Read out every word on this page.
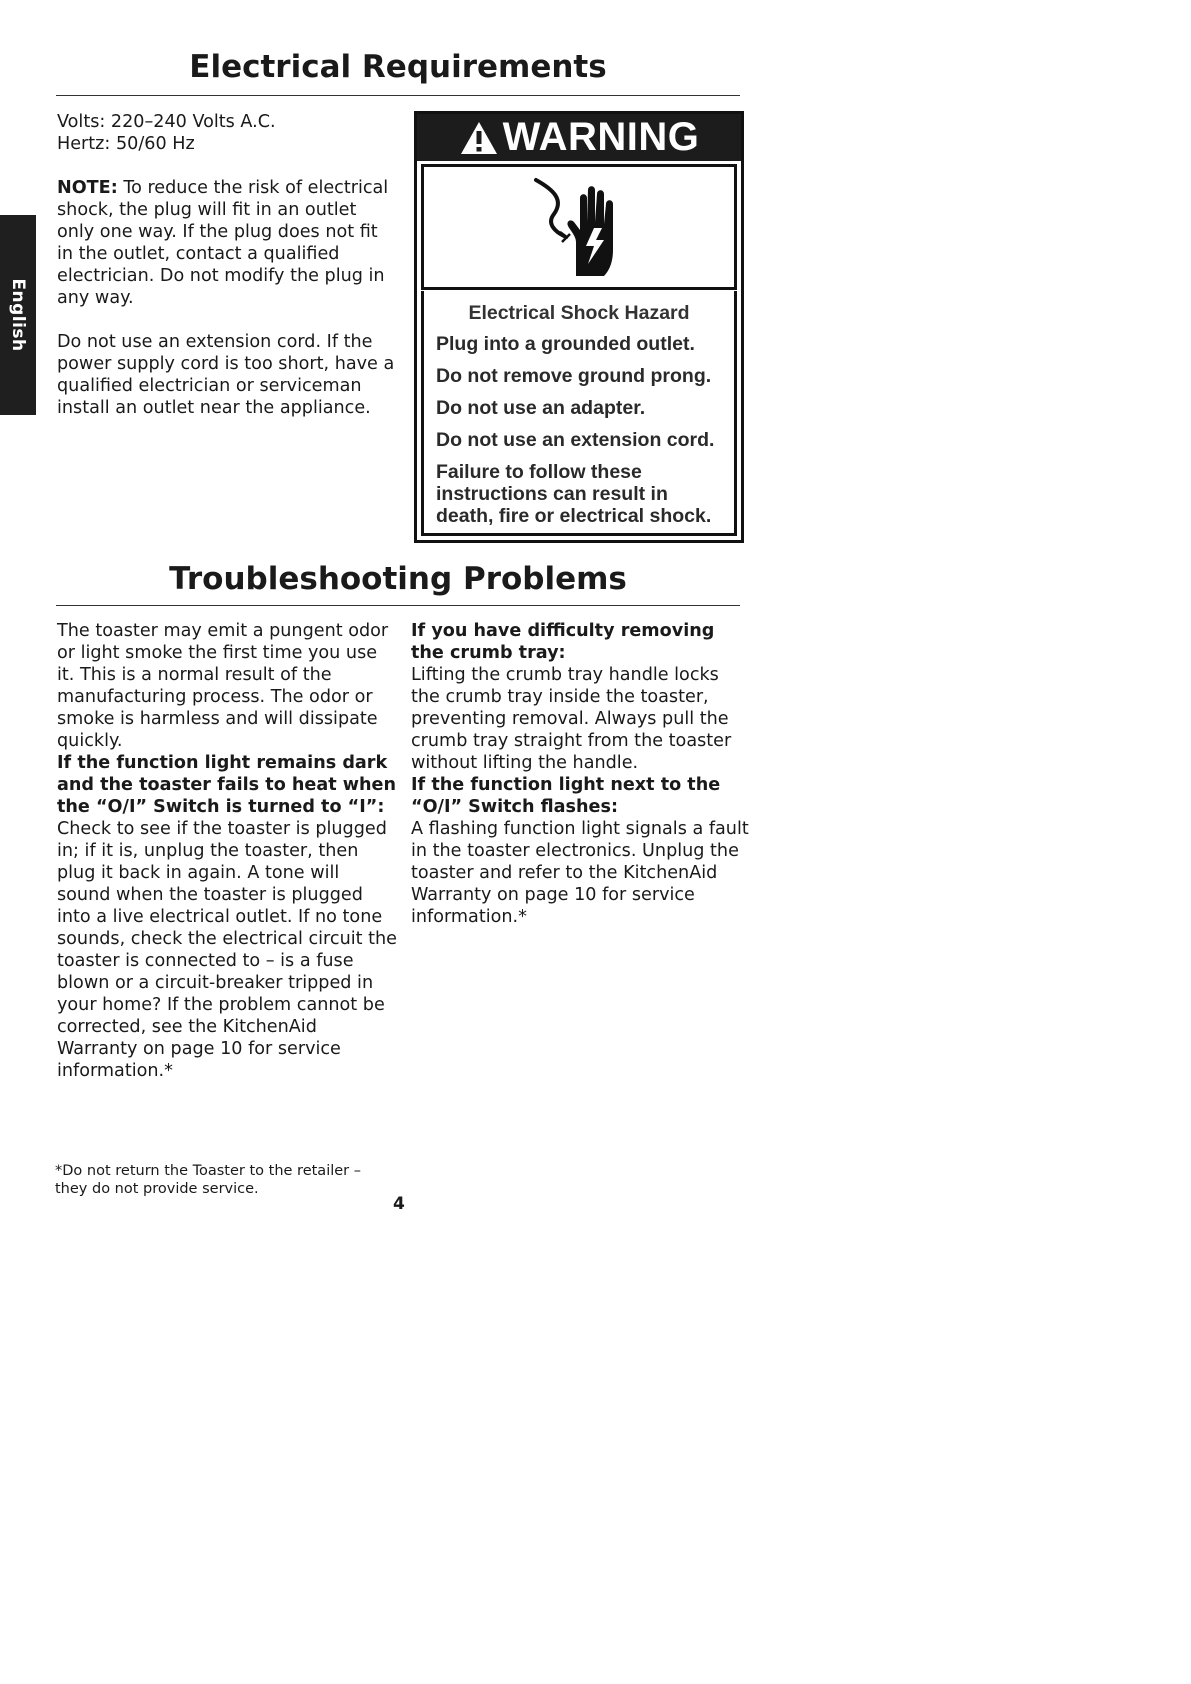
English
Electrical Requirements

Volts: 220–240 Volts A.C.

Hertz: 50/60 Hz

NOTE: To reduce the risk of electrical shock, the plug will fit in an outlet only one way. If the plug does not fit in the outlet, contact a qualified electrician. Do not modify the plug in any way.

Do not use an extension cord. If the power supply cord is too short, have a qualified electrician or serviceman install an outlet near the appliance.

WARNING
Electrical Shock Hazard
Plug into a grounded outlet.
Do not remove ground prong.
Do not use an adapter.
Do not use an extension cord.
Failure to follow these instructions can result in death, fire or electrical shock.
Troubleshooting Problems

The toaster may emit a pungent odor or light smoke the first time you use it. This is a normal result of the manufacturing process. The odor or smoke is harmless and will dissipate quickly.

If the function light remains dark and the toaster fails to heat when the “O/I” Switch is turned to “I”:

Check to see if the toaster is plugged in; if it is, unplug the toaster, then plug it back in again. A tone will sound when the toaster is plugged into a live electrical outlet. If no tone sounds, check the electrical circuit the toaster is connected to – is a fuse blown or a circuit-breaker tripped in your home? If the problem cannot be corrected, see the KitchenAid Warranty on page 10 for service information.*

If you have difficulty removing the crumb tray:

Lifting the crumb tray handle locks the crumb tray inside the toaster, preventing removal. Always pull the crumb tray straight from the toaster without lifting the handle.

If the function light next to the “O/I” Switch flashes:

A flashing function light signals a fault in the toaster electronics. Unplug the toaster and refer to the KitchenAid Warranty on page 10 for service information.*

*Do not return the Toaster to the retailer – they do not provide service.
4
